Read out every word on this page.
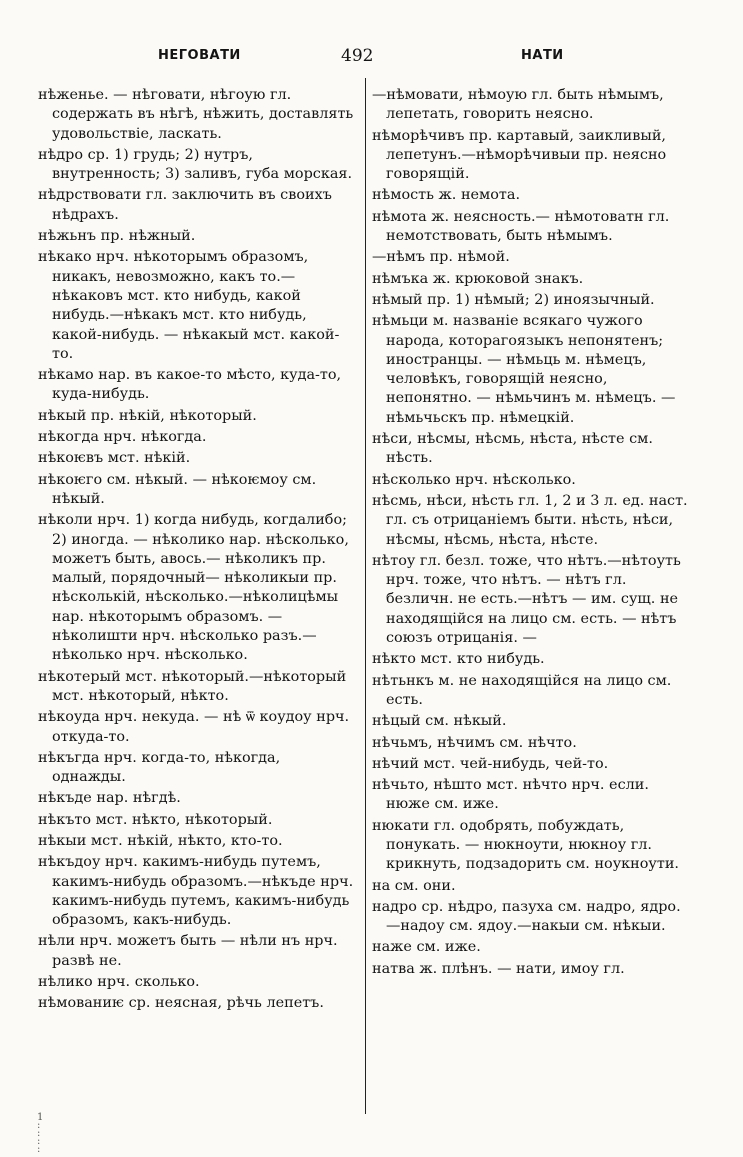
НЕГОВАТИ	492	НАТИ

нѣженье. — нѣговати, нѣгоую гл. содержать въ нѣгѣ, нѣжить, доставлять удовольствіе, ласкать.

нѣдро ср. 1) грудь; 2) нутръ, внутренность; 3) заливъ, губа морская.

нѣдрствовати гл. заключить въ своихъ нѣдрахъ.

нѣжьнъ пр. нѣжный.

нѣкако нрч. нѣкоторымъ образомъ, никакъ, невозможно, какъ то.—нѣкаковъ мст. кто нибудь, какой нибудь.—нѣкакъ мст. кто нибудь, какой-нибудь. — нѣкакый мст. какой-то.

нѣкамо нар. въ какое-то мѣсто, куда-то, куда-нибудь.

нѣкый пр. нѣкій, нѣкоторый.

нѣкогда нрч. нѣкогда.

нѣкоѥвъ мст. нѣкій.

нѣкоѥго см. нѣкый. — нѣкоѥмоу см. нѣкый.

нѣколи нрч. 1) когда нибудь, когдалибо; 2) иногда. — нѣколико нар. нѣсколько, можетъ быть, авось.— нѣколикъ пр. малый, порядочный— нѣколикыи пр. нѣсколькій, нѣсколько.—нѣколицѣмы нар. нѣкоторымъ образомъ. — нѣколишти нрч. нѣсколько разъ.—нѣколько нрч. нѣсколько.

нѣкотерый мст. нѣкоторый.—нѣкоторый мст. нѣкоторый, нѣкто.

нѣкоуда нрч. некуда. — нѣ ѿ коудоу нрч. откуда-то.

нѣкъгда нрч. когда-то, нѣкогда, однажды.

нѣкъде нар. нѣгдѣ.

нѣкъто мст. нѣкто, нѣкоторый.

нѣкыи мст. нѣкій, нѣкто, кто-то.

нѣкъдоу нрч. какимъ-нибудь путемъ, какимъ-нибудь образомъ.—нѣкъде нрч. какимъ-нибудь путемъ, какимъ-нибудь образомъ, какъ-нибудь.

нѣли нрч. можетъ быть — нѣли нъ нрч. развѣ не.

нѣлико нрч. сколько.

нѣмованиѥ ср. неясная, рѣчь лепетъ.

—нѣмовати, нѣмоую гл. быть нѣмымъ, лепетать, говорить неясно.

нѣморѣчивъ пр. картавый, заикливый, лепетунъ.—нѣморѣчивыи пр. неясно говорящій.

нѣмость ж. немота.

нѣмота ж. неясность.— нѣмотоватн гл. немотствовать, быть нѣмымъ.

—нѣмъ пр. нѣмой.

нѣмъка ж. крюковой знакъ.

нѣмый пр. 1) нѣмый; 2) иноязычный.

нѣмьци м. названіе всякаго чужого народа, которагоязыкъ непонятенъ; иностранцы. — нѣмьць м. нѣмецъ, человѣкъ, говорящій неясно, непонятно. — нѣмьчинъ м. нѣмецъ. — нѣмьчьскъ пр. нѣмецкій.

нѣси, нѣсмы, нѣсмь, нѣста, нѣсте см. нѣсть.

нѣсколько нрч. нѣсколько.

нѣсмь, нѣси, нѣсть гл. 1, 2 и 3 л. ед. наст. гл. съ отрицаніемъ быти. нѣсть, нѣси, нѣсмы, нѣсмь, нѣста, нѣсте.

нѣтоу гл. безл. тоже, что нѣтъ.—нѣтоуть нрч. тоже, что нѣтъ. — нѣтъ гл. безличн. не есть.—нѣтъ — им. сущ. не находящійся на лицо см. есть. — нѣтъ союзъ отрицанія. —

нѣкто мст. кто нибудь.

нѣтьнкъ м. не находящійся на лицо см. есть.

нѣцый см. нѣкый.

нѣчьмъ, нѣчимъ см. нѣчто.

нѣчий мст. чей-нибудь, чей-то.

нѣчьто, нѣшто мст. нѣчто нрч. если. нюже см. иже.

нюкати гл. одобрять, побуждать, понукать. — нюкноути, нюкноу гл. крикнуть, подзадорить см. ноукноути.

на см. они.

надро ср. нѣдро, пазуха см. надро, ядро.—надоу см. ядоу.—накыи см. нѣкыи.

наже см. иже.

натва ж. плѣнъ. — нати, имоу гл.

1
:
:
:
:
